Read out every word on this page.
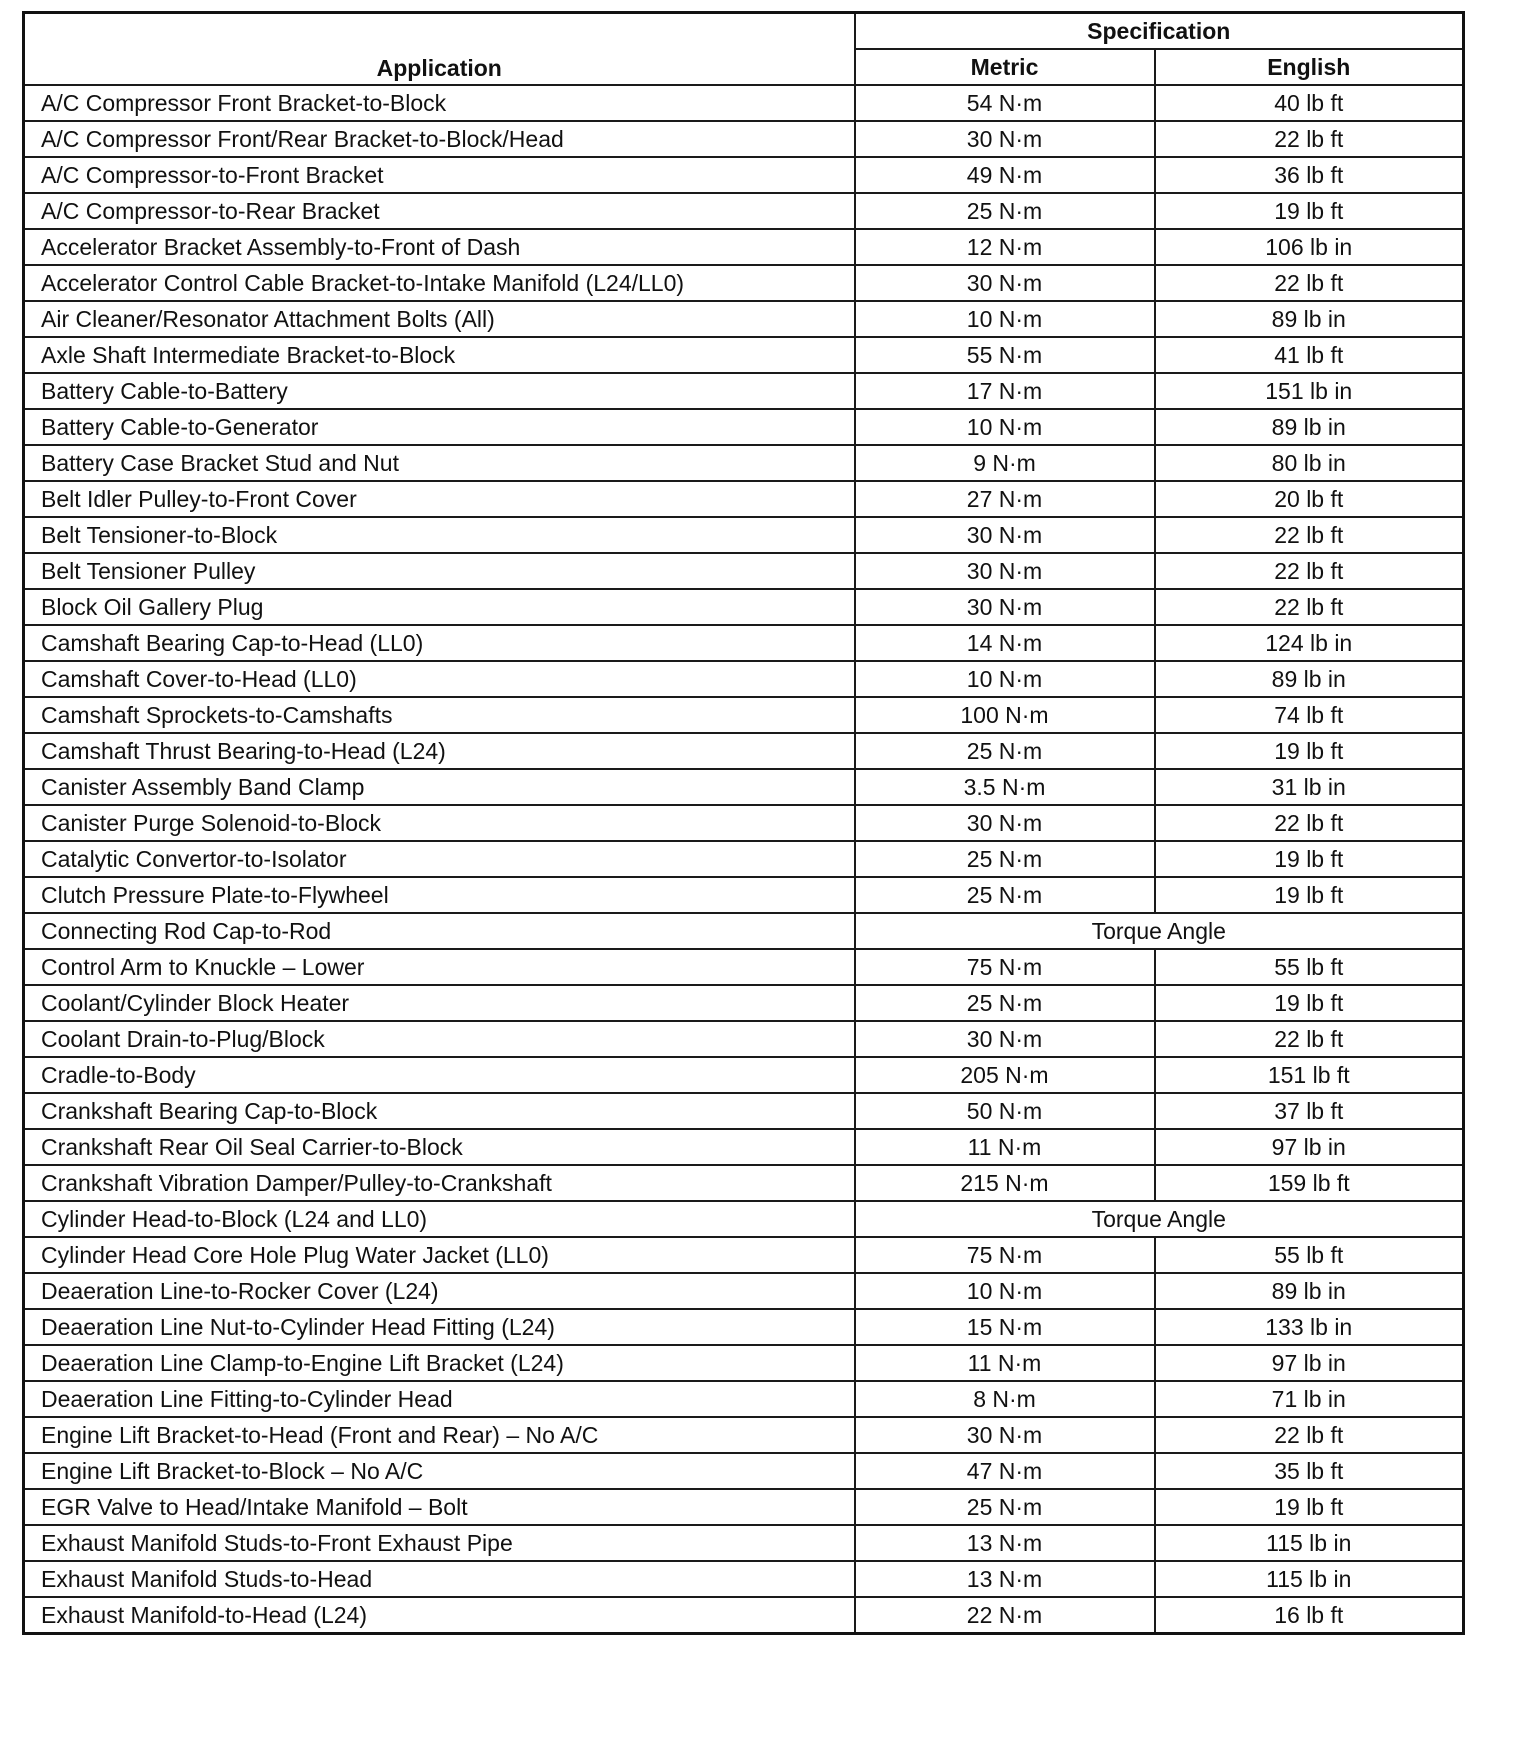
Application	Specification	
	Metric	English
A/C Compressor Front Bracket-to-Block	54 N·m	40 lb ft
A/C Compressor Front/Rear Bracket-to-Block/Head	30 N·m	22 lb ft
A/C Compressor-to-Front Bracket	49 N·m	36 lb ft
A/C Compressor-to-Rear Bracket	25 N·m	19 lb ft
Accelerator Bracket Assembly-to-Front of Dash	12 N·m	106 lb in
Accelerator Control Cable Bracket-to-Intake Manifold (L24/LL0)	30 N·m	22 lb ft
Air Cleaner/Resonator Attachment Bolts (All)	10 N·m	89 lb in
Axle Shaft Intermediate Bracket-to-Block	55 N·m	41 lb ft
Battery Cable-to-Battery	17 N·m	151 lb in
Battery Cable-to-Generator	10 N·m	89 lb in
Battery Case Bracket Stud and Nut	9 N·m	80 lb in
Belt Idler Pulley-to-Front Cover	27 N·m	20 lb ft
Belt Tensioner-to-Block	30 N·m	22 lb ft
Belt Tensioner Pulley	30 N·m	22 lb ft
Block Oil Gallery Plug	30 N·m	22 lb ft
Camshaft Bearing Cap-to-Head (LL0)	14 N·m	124 lb in
Camshaft Cover-to-Head (LL0)	10 N·m	89 lb in
Camshaft Sprockets-to-Camshafts	100 N·m	74 lb ft
Camshaft Thrust Bearing-to-Head (L24)	25 N·m	19 lb ft
Canister Assembly Band Clamp	3.5 N·m	31 lb in
Canister Purge Solenoid-to-Block	30 N·m	22 lb ft
Catalytic Convertor-to-Isolator	25 N·m	19 lb ft
Clutch Pressure Plate-to-Flywheel	25 N·m	19 lb ft
Connecting Rod Cap-to-Rod	Torque Angle	
Control Arm to Knuckle – Lower	75 N·m	55 lb ft
Coolant/Cylinder Block Heater	25 N·m	19 lb ft
Coolant Drain-to-Plug/Block	30 N·m	22 lb ft
Cradle-to-Body	205 N·m	151 lb ft
Crankshaft Bearing Cap-to-Block	50 N·m	37 lb ft
Crankshaft Rear Oil Seal Carrier-to-Block	11 N·m	97 lb in
Crankshaft Vibration Damper/Pulley-to-Crankshaft	215 N·m	159 lb ft
Cylinder Head-to-Block (L24 and LL0)	Torque Angle	
Cylinder Head Core Hole Plug Water Jacket (LL0)	75 N·m	55 lb ft
Deaeration Line-to-Rocker Cover (L24)	10 N·m	89 lb in
Deaeration Line Nut-to-Cylinder Head Fitting (L24)	15 N·m	133 lb in
Deaeration Line Clamp-to-Engine Lift Bracket (L24)	11 N·m	97 lb in
Deaeration Line Fitting-to-Cylinder Head	8 N·m	71 lb in
Engine Lift Bracket-to-Head (Front and Rear) – No A/C	30 N·m	22 lb ft
Engine Lift Bracket-to-Block – No A/C	47 N·m	35 lb ft
EGR Valve to Head/Intake Manifold – Bolt	25 N·m	19 lb ft
Exhaust Manifold Studs-to-Front Exhaust Pipe	13 N·m	115 lb in
Exhaust Manifold Studs-to-Head	13 N·m	115 lb in
Exhaust Manifold-to-Head (L24)	22 N·m	16 lb ft
